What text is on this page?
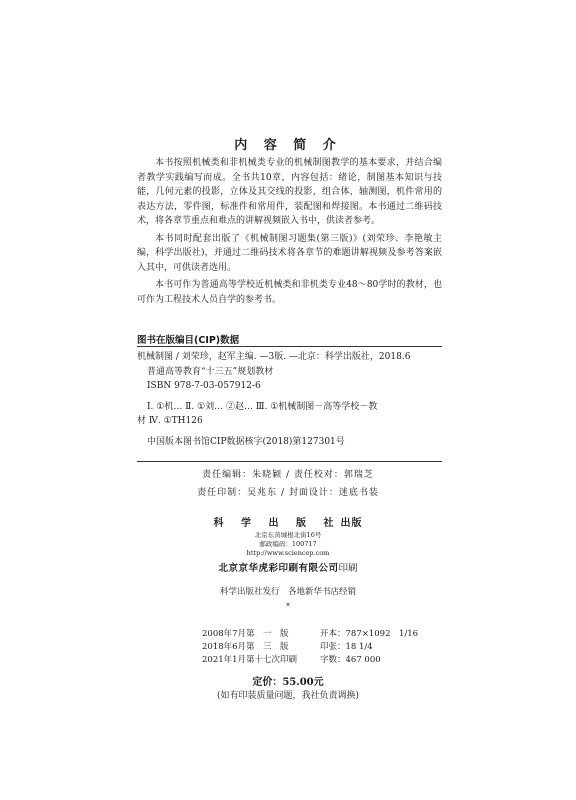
内 容 简 介

本书按照机械类和非机械类专业的机械制图教学的基本要求，并结合编者教学实践编写而成。全书共10章，内容包括：绪论，制图基本知识与技能，几何元素的投影，立体及其交线的投影，组合体，轴测图，机件常用的表达方法，零件图，标准件和常用件，装配图和焊接图。本书通过二维码技术，将各章节重点和难点的讲解视频嵌入书中，供读者参考。

本书同时配套出版了《机械制图习题集(第三版)》(刘荣珍、李艳敏主编，科学出版社)，并通过二维码技术将各章节的难题讲解视频及参考答案嵌入其中，可供读者选用。

本书可作为普通高等学校近机械类和非机类专业48～80学时的教材，也可作为工程技术人员自学的参考书。

图书在版编目(CIP)数据
机械制图 / 刘荣珍，赵军主编. —3版. —北京：科学出版社，2018.6
普通高等教育“十三五”规划教材
ISBN 978-7-03-057912-6
Ⅰ. ①机… Ⅱ. ①刘… ②赵… Ⅲ. ①机械制图－高等学校－教
材 Ⅳ. ①TH126
中国版本图书馆CIP数据核字(2018)第127301号
责任编辑：朱晓颖 / 责任校对：郭瑞芝
责任印制：吴兆东 / 封面设计：迷底书装
科 学 出 版 社出版
北京东黄城根北街16号
邮政编码：100717
http://www.sciencep.com
北京京华虎彩印刷有限公司印刷
科学出版社发行　各地新华书店经销
*
2008年7月第　一　版	开本：787×1092　1/16
2018年6月第　三　版	印张：18 1/4
2021年1月第十七次印刷	字数：467 000
定价：55.00元
(如有印装质量问题，我社负责调换)
